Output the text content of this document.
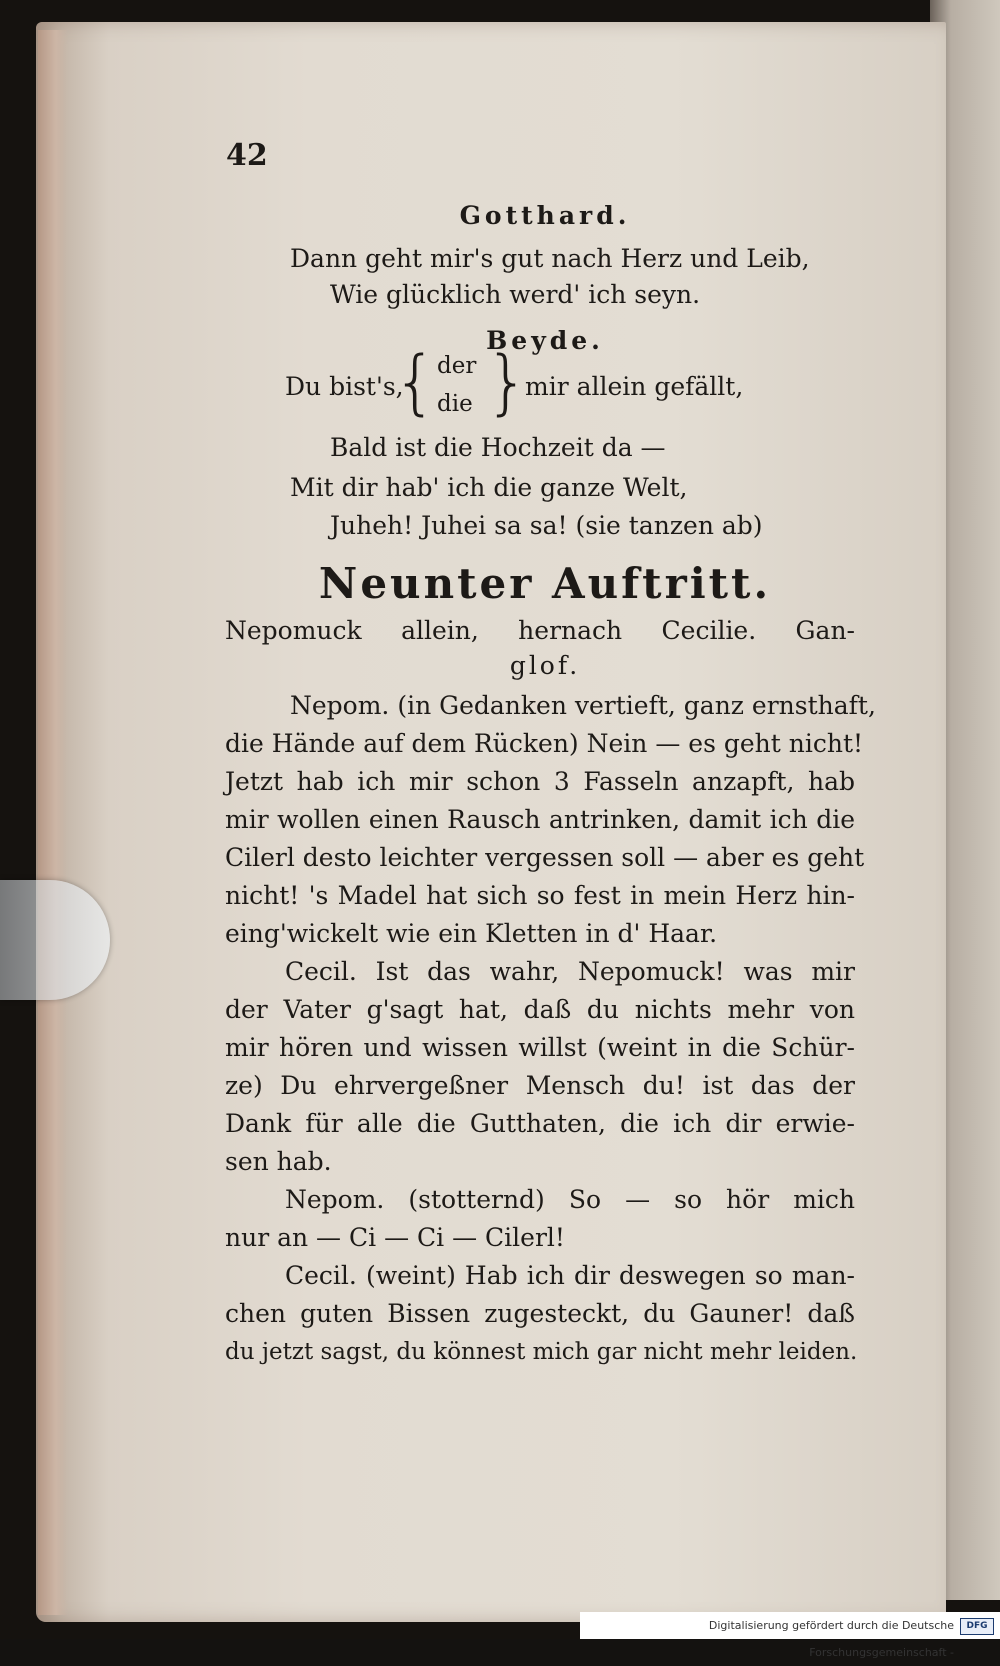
42
Gotthard.
Dann geht mir's gut nach Herz und Leib,
Wie glücklich werd' ich seyn.
Beyde.
Du bist's,
{ der
die }
mir allein gefällt,
Bald ist die Hochzeit da —
Mit dir hab' ich die ganze Welt,
Juheh! Juhei sa sa! (sie tanzen ab)
Neunter Auftritt.
Nepomuck allein, hernach Cecilie. Gan-
glof.
Nepom. (in Gedanken vertieft, ganz ernsthaft,
die Hände auf dem Rücken) Nein — es geht nicht!
Jetzt hab ich mir schon 3 Fasseln anzapft, hab
mir wollen einen Rausch antrinken, damit ich die
Cilerl desto leichter vergessen soll — aber es geht
nicht! 's Madel hat sich so fest in mein Herz hin-
eing'wickelt wie ein Kletten in d' Haar.
Cecil. Ist das wahr, Nepomuck! was mir
der Vater g'sagt hat, daß du nichts mehr von
mir hören und wissen willst (weint in die Schür-
ze) Du ehrvergeßner Mensch du! ist das der
Dank für alle die Gutthaten, die ich dir erwie-
sen hab.
Nepom. (stotternd) So — so hör mich
nur an — Ci — Ci — Cilerl!
Cecil. (weint) Hab ich dir deswegen so man-
chen guten Bissen zugesteckt, du Gauner! daß
du jetzt sagst, du könnest mich gar nicht mehr leiden.
Digitalisierung gefördert durch die Deutsche Forschungsgemeinschaft -
DFG
